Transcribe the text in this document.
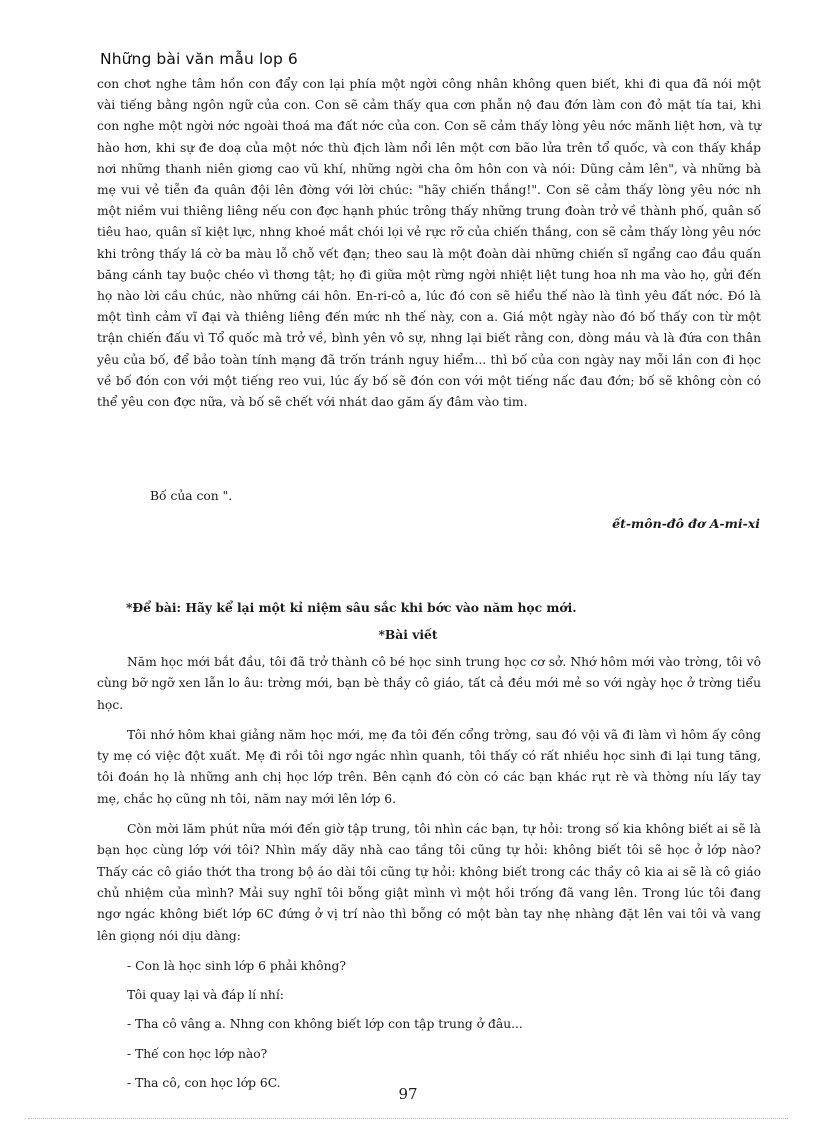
Những bài văn mẫu lop 6

con chơt nghe tâm hồn con đẩy con lại phía một ngời công nhân không quen biết, khi đi qua đã nói một vài tiếng bằng ngôn ngữ của con. Con sẽ cảm thấy qua cơn phẫn nộ đau đớn làm con đỏ mặt tía tai, khi con nghe một ngời nớc ngoài thoá ma đất nớc của con. Con sẽ cảm thấy lòng yêu nớc mãnh liệt hơn, và tự hào hơn, khi sự đe doạ của một nớc thù địch làm nổi lên một cơn bão lửa trên tổ quốc, và con thấy khắp nơi những thanh niên giơng cao vũ khí, những ngời cha ôm hôn con và nói: Dũng cảm lên", và những bà mẹ vui vẻ tiễn đa quân đội lên đờng với lời chúc: "hãy chiến thắng!". Con sẽ cảm thấy lòng yêu nớc nh một niềm vui thiêng liêng nếu con đợc hạnh phúc trông thấy những trung đoàn trở về thành phố, quân số tiêu hao, quân sĩ kiệt lực, nhng khoé mắt chói lọi vẻ rực rỡ của chiến thắng, con sẽ cảm thấy lòng yêu nớc khi trông thấy lá cờ ba màu lỗ chỗ vết đạn; theo sau là một đoàn dài những chiến sĩ ngẩng cao đầu quấn băng cánh tay buộc chéo vì thơng tật; họ đi giữa một rừng ngời nhiệt liệt tung hoa nh ma vào họ, gửi đến họ nào lời cầu chúc, nào những cái hôn. En-ri-cô a, lúc đó con sẽ hiểu thế nào là tình yêu đất nớc. Đó là một tình cảm vĩ đại và thiêng liêng đến mức nh thế này, con a. Giá một ngày nào đó bố thấy con từ một trận chiến đấu vì Tổ quốc mà trở về, bình yên vô sự, nhng lại biết rằng con, dòng máu và là đứa con thân yêu của bố, để bảo toàn tính mạng đã trốn tránh nguy hiểm... thì bố của con ngày nay mỗi lần con đi học về bố đón con với một tiếng reo vui, lúc ấy bố sẽ đón con với một tiếng nấc đau đớn; bố sẽ không còn có thể yêu con đợc nữa, và bố sẽ chết với nhát dao găm ấy đâm vào tim.

Bố của con ".
ết-môn-đô đơ A-mi-xi
*Để bài: Hãy kể lại một kỉ niệm sâu sắc khi bớc vào năm học mới.
*Bài viết

Năm học mới bắt đầu, tôi đã trở thành cô bé học sinh trung học cơ sở. Nhớ hôm mới vào trờng, tôi vô cùng bỡ ngỡ xen lẫn lo âu: trờng mới, bạn bè thầy cô giáo, tất cả đều mới mẻ so với ngày học ở trờng tiểu học.

Tôi nhớ hôm khai giảng năm học mới, mẹ đa tôi đến cổng trờng, sau đó vội vã đi làm vì hôm ấy công ty mẹ có việc đột xuất. Mẹ đi rồi tôi ngơ ngác nhìn quanh, tôi thấy có rất nhiều học sinh đi lại tung tăng, tôi đoán họ là những anh chị học lớp trên. Bên cạnh đó còn có các bạn khác rụt rè và thờng níu lấy tay mẹ, chắc họ cũng nh tôi, năm nay mới lên lớp 6.

Còn mời lăm phút nữa mới đến giờ tập trung, tôi nhìn các bạn, tự hỏi: trong số kia không biết ai sẽ là bạn học cùng lớp với tôi? Nhìn mấy dãy nhà cao tầng tôi cũng tự hỏi: không biết tôi sẽ học ở lớp nào? Thấy các cô giáo thớt tha trong bộ áo dài tôi cũng tự hỏi: không biết trong các thầy cô kia ai sẽ là cô giáo chủ nhiệm của mình? Mải suy nghĩ tôi bỗng giật mình vì một hồi trống đã vang lên. Trong lúc tôi đang ngơ ngác không biết lớp 6C đứng ở vị trí nào thì bỗng có một bàn tay nhẹ nhàng đặt lên vai tôi và vang lên giọng nói dịu dàng:

- Con là học sinh lớp 6 phải không?

Tôi quay lại và đáp lí nhí:

- Tha cô vâng a. Nhng con không biết lớp con tập trung ở đâu...

- Thế con học lớp nào?

- Tha cô, con học lớp 6C.

97
